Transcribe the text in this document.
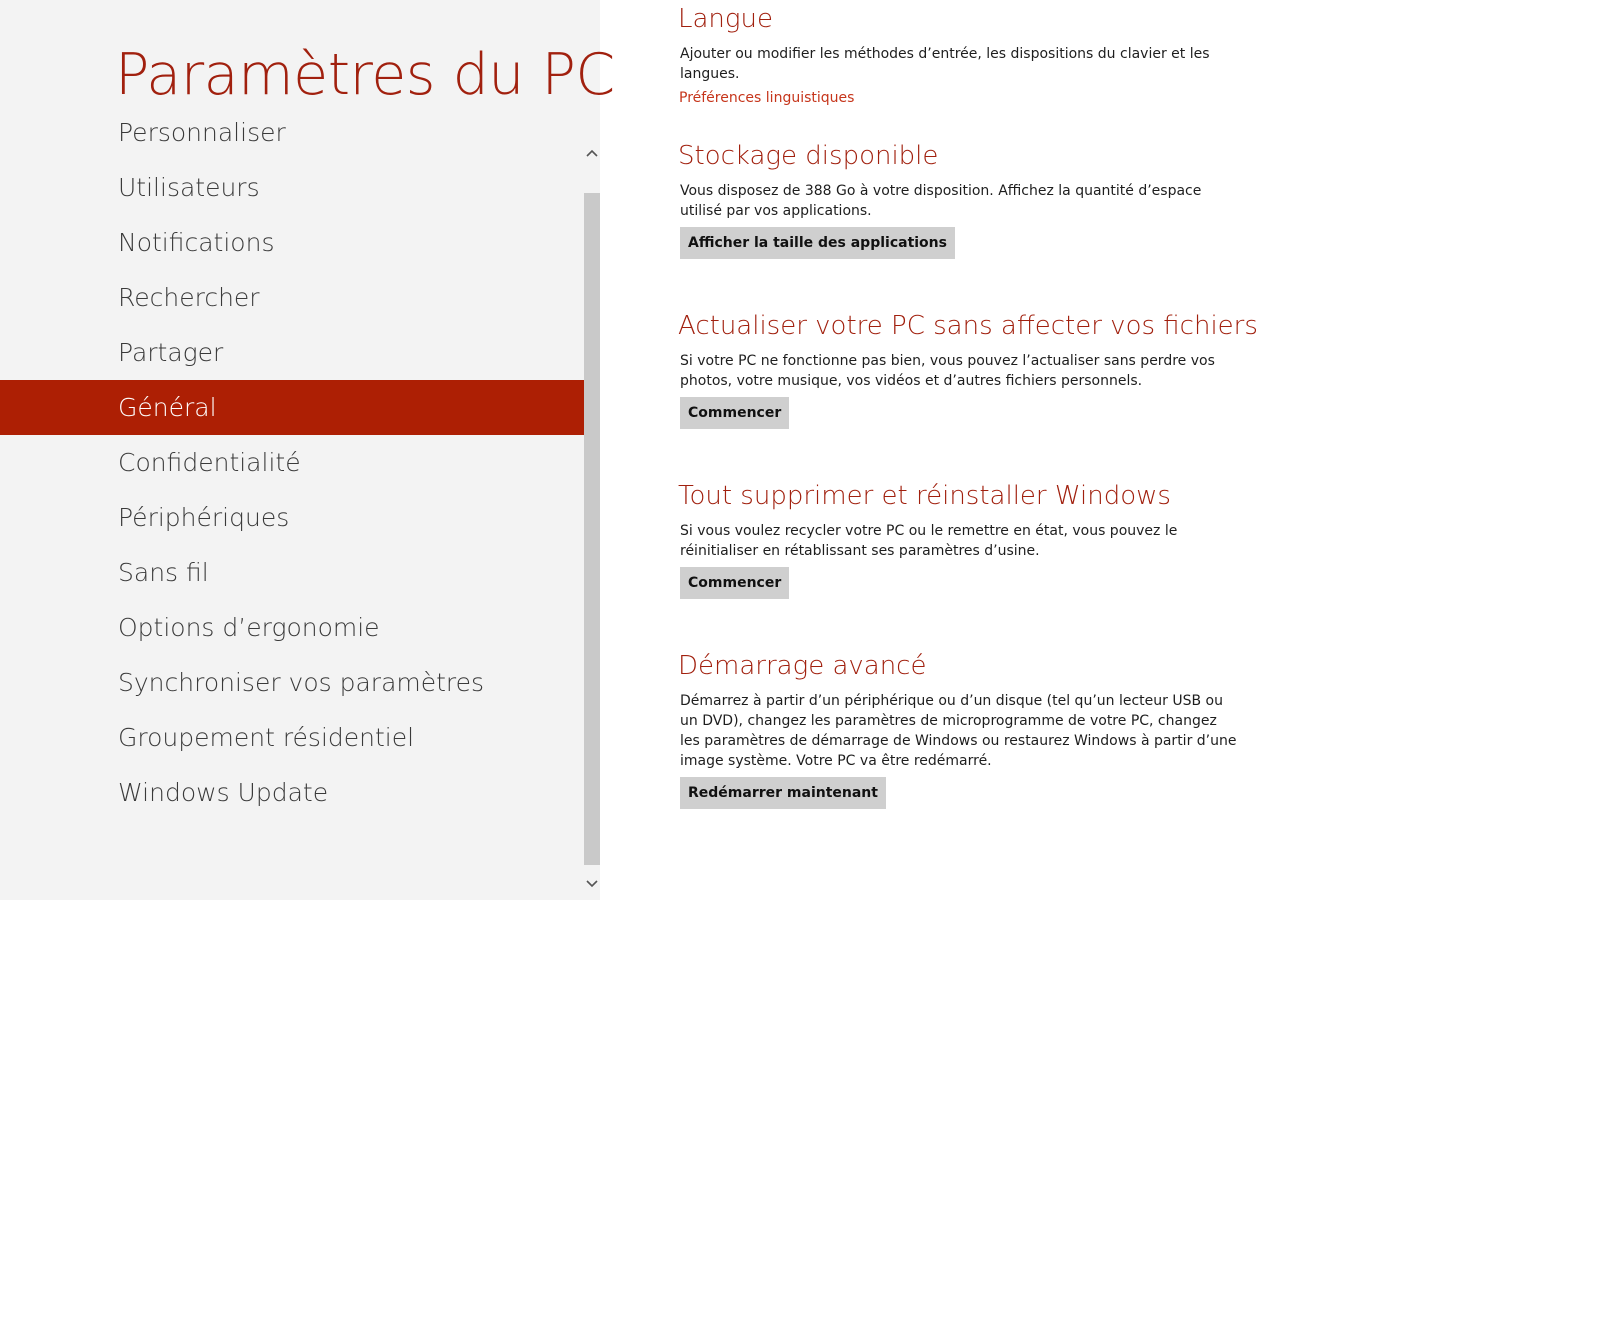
Paramètres du PC
Personnaliser
Utilisateurs
Notifications
Rechercher
Partager
Général
Confidentialité
Périphériques
Sans fil
Options d’ergonomie
Synchroniser vos paramètres
Groupement résidentiel
Windows Update
Langue

Ajouter ou modifier les méthodes d’entrée, les dispositions du clavier et les langues.

Préférences linguistiques
Stockage disponible

Vous disposez de 388 Go à votre disposition. Affichez la quantité d’espace utilisé par vos applications.

Afficher la taille des applications
Actualiser votre PC sans affecter vos fichiers

Si votre PC ne fonctionne pas bien, vous pouvez l’actualiser sans perdre vos photos, votre musique, vos vidéos et d’autres fichiers personnels.

Commencer
Tout supprimer et réinstaller Windows

Si vous voulez recycler votre PC ou le remettre en état, vous pouvez le réinitialiser en rétablissant ses paramètres d’usine.

Commencer
Démarrage avancé

Démarrez à partir d’un périphérique ou d’un disque (tel qu’un lecteur USB ou un DVD), changez les paramètres de microprogramme de votre PC, changez les paramètres de démarrage de Windows ou restaurez Windows à partir d’une image système. Votre PC va être redémarré.

Redémarrer maintenant
